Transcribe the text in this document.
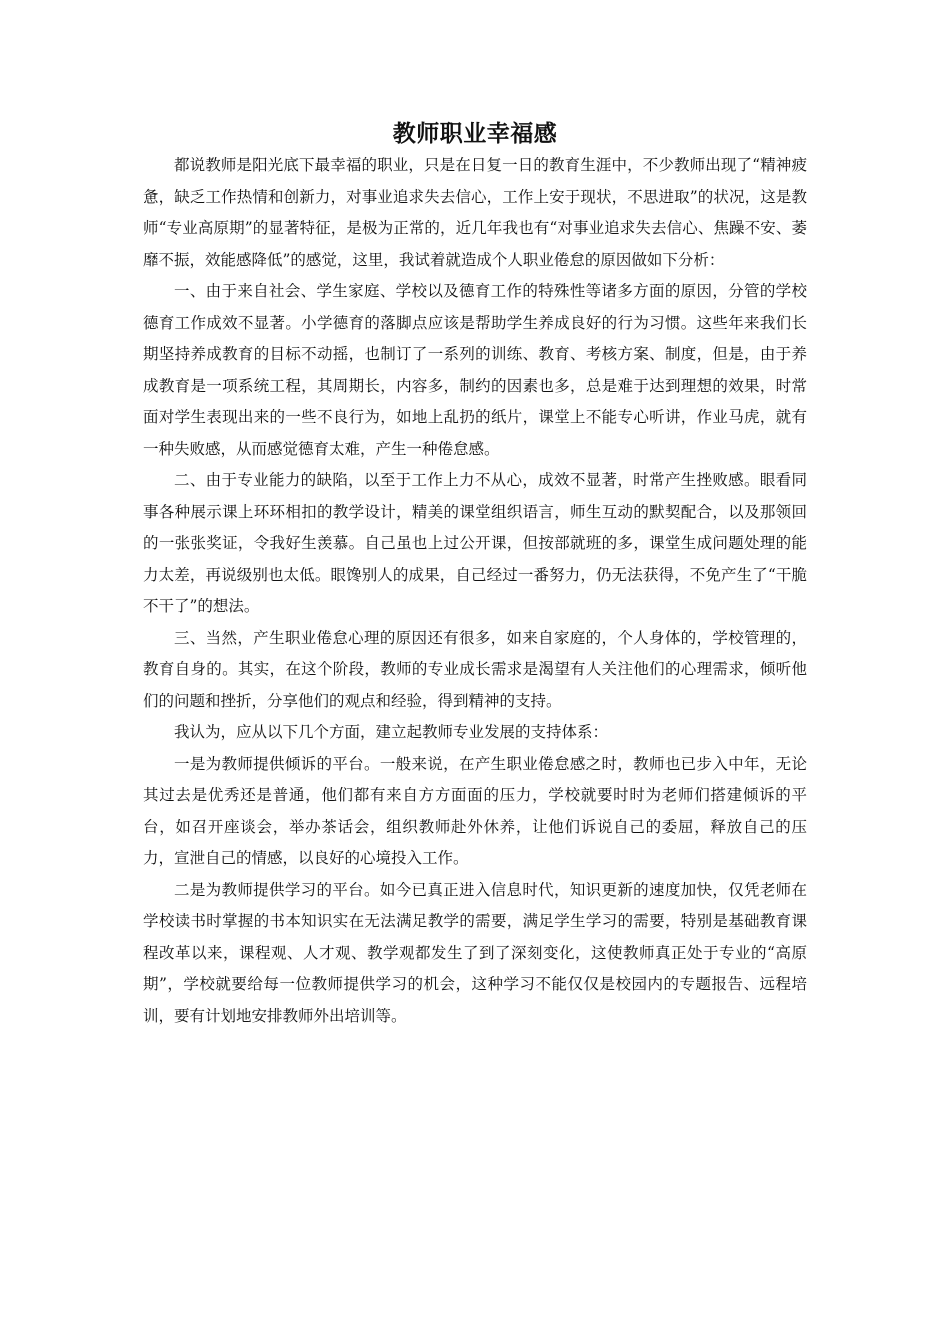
教师职业幸福感

都说教师是阳光底下最幸福的职业，只是在日复一日的教育生涯中，不少教师出现了“精神疲惫，缺乏工作热情和创新力，对事业追求失去信心，工作上安于现状，不思进取”的状况，这是教师“专业高原期”的显著特征，是极为正常的，近几年我也有“对事业追求失去信心、焦躁不安、萎靡不振，效能感降低”的感觉，这里，我试着就造成个人职业倦怠的原因做如下分析：

一、由于来自社会、学生家庭、学校以及德育工作的特殊性等诸多方面的原因，分管的学校德育工作成效不显著。小学德育的落脚点应该是帮助学生养成良好的行为习惯。这些年来我们长期坚持养成教育的目标不动摇，也制订了一系列的训练、教育、考核方案、制度，但是，由于养成教育是一项系统工程，其周期长，内容多，制约的因素也多，总是难于达到理想的效果，时常面对学生表现出来的一些不良行为，如地上乱扔的纸片，课堂上不能专心听讲，作业马虎，就有一种失败感，从而感觉德育太难，产生一种倦怠感。

二、由于专业能力的缺陷，以至于工作上力不从心，成效不显著，时常产生挫败感。眼看同事各种展示课上环环相扣的教学设计，精美的课堂组织语言，师生互动的默契配合，以及那领回的一张张奖证，令我好生羡慕。自己虽也上过公开课，但按部就班的多，课堂生成问题处理的能力太差，再说级别也太低。眼馋别人的成果，自己经过一番努力，仍无法获得，不免产生了“干脆不干了”的想法。

三、当然，产生职业倦怠心理的原因还有很多，如来自家庭的，个人身体的，学校管理的，教育自身的。其实，在这个阶段，教师的专业成长需求是渴望有人关注他们的心理需求，倾听他们的问题和挫折，分享他们的观点和经验，得到精神的支持。

我认为，应从以下几个方面，建立起教师专业发展的支持体系：

一是为教师提供倾诉的平台。一般来说，在产生职业倦怠感之时，教师也已步入中年，无论其过去是优秀还是普通，他们都有来自方方面面的压力，学校就要时时为老师们搭建倾诉的平台，如召开座谈会，举办茶话会，组织教师赴外休养，让他们诉说自己的委屈，释放自己的压力，宣泄自己的情感，以良好的心境投入工作。

二是为教师提供学习的平台。如今已真正进入信息时代，知识更新的速度加快，仅凭老师在学校读书时掌握的书本知识实在无法满足教学的需要，满足学生学习的需要，特别是基础教育课程改革以来，课程观、人才观、教学观都发生了到了深刻变化，这使教师真正处于专业的“高原期”，学校就要给每一位教师提供学习的机会，这种学习不能仅仅是校园内的专题报告、远程培训，要有计划地安排教师外出培训等。
